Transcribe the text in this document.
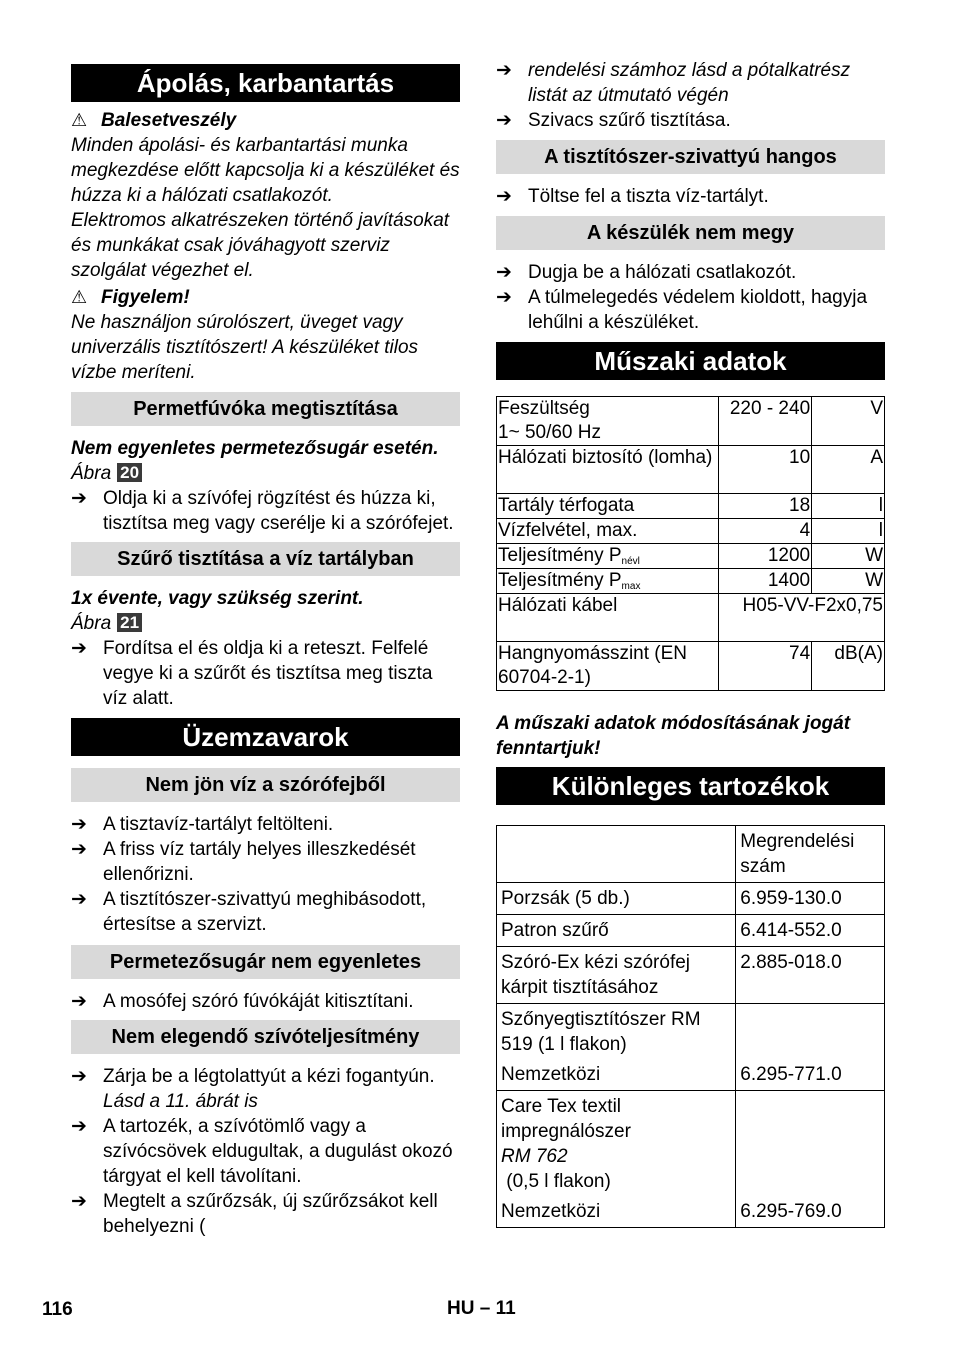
Ápolás, karbantartás
⚠ Balesetveszély

Minden ápolási- és karbantartási munka megkezdése előtt kapcsolja ki a készüléket és húzza ki a hálózati csatlakozót.

Elektromos alkatrészeken történő javításokat és munkákat csak jóváhagyott szerviz szolgálat végezhet el.

⚠ Figyelem!

Ne használjon súrolószert, üveget vagy univerzális tisztítószert! A készüléket tilos vízbe meríteni.

Permetfúvóka megtisztítása

Nem egyenletes permetezősugár esetén.

Ábra 20

➔ Oldja ki a szívófej rögzítést és húzza ki, tisztítsa meg vagy cserélje ki a szórófejet.
Szűrő tisztítása a víz tartályban

1x évente, vagy szükség szerint.

Ábra 21

➔ Fordítsa el és oldja ki a reteszt. Felfelé vegye ki a szűrőt és tisztítsa meg tiszta víz alatt.
Üzemzavarok
Nem jön víz a szórófejből
➔ A tisztavíz-tartályt feltölteni.
➔ A friss víz tartály helyes illeszkedését ellenőrizni.
➔ A tisztítószer-szivattyú meghibásodott, értesítse a szervizt.
Permetezősugár nem egyenletes
➔ A mosófej szóró fúvókáját kitisztítani.
Nem elegendő szívóteljesítmény
➔ Zárja be a légtolattyút a kézi fogantyún.
Lásd a 11. ábrát is
➔ A tartozék, a szívótömlő vagy a szívócsövek eldugultak, a dugulást okozó tárgyat el kell távolítani.
➔ Megtelt a szűrőzsák, új szűrőzsákot kell behelyezni (
➔ rendelési számhoz lásd a pótalkatrész listát az útmutató végén
➔ Szivacs szűrő tisztítása.
A tisztítószer-szivattyú hangos
➔ Töltse fel a tiszta víz-tartályt.
A készülék nem megy
➔ Dugja be a hálózati csatlakozót.
➔ A túlmelegedés védelem kioldott, hagyja lehűlni a készüléket.
Műszaki adatok
Feszültség
1~ 50/60 Hz	220 - 240	V
Hálózati biztosító (lomha)	10	A
Tartály térfogata	18	l
Vízfelvétel, max.	4	l
Teljesítmény $P_{névl}$	1200	W
Teljesítmény $P_{max}$	1400	W
Hálózati kábel	H05-VV-F2x0,75	
Hangnyomásszint (EN 60704-2-1)	74	dB(A)

A műszaki adatok módosításának jogát fenntartjuk!

Különleges tartozékok
	Megrendelési szám
Porzsák (5 db.)	6.959-130.0
Patron szűrő	6.414-552.0
Szóró-Ex kézi szórófej kárpit tisztításához	2.885-018.0
Szőnyegtisztítószer RM 519 (1 l flakon)
Nemzetközi	6.295-771.0
Care Tex textil impregnálószer
RM 762
(0,5 l flakon)
Nemzetközi	6.295-769.0
116	HU – 11
